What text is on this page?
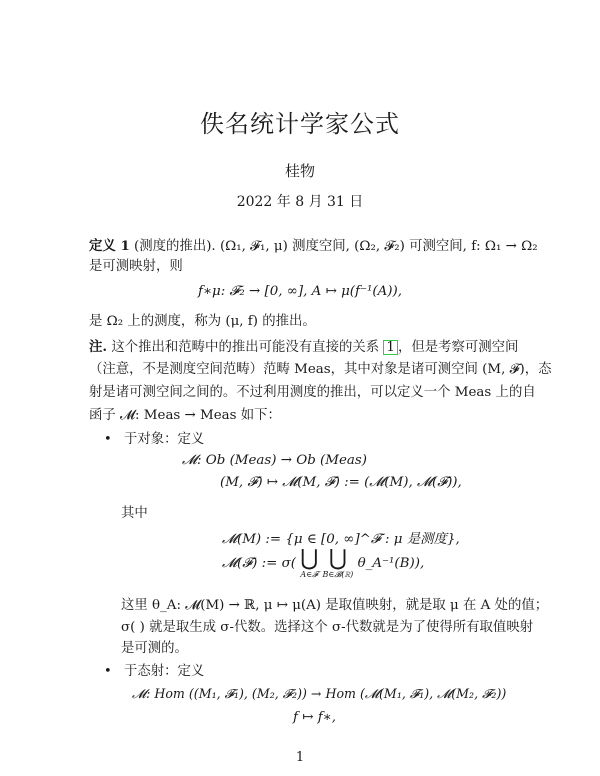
佚名统计学家公式
桂物
2022 年 8 月 31 日
定义 1 (测度的推出). (Ω₁, 𝓕₁, μ) 测度空间, (Ω₂, 𝓕₂) 可测空间, f: Ω₁ → Ω₂
是可测映射，则
f∗μ: 𝓕₂ → [0, ∞], A ↦ μ(f⁻¹(A)),
是 Ω₂ 上的测度，称为 (μ, f) 的推出。
注. 这个推出和范畴中的推出可能没有直接的关系 1 ，但是考察可测空间
（注意，不是测度空间范畴）范畴 Meas，其中对象是诸可测空间 (M, 𝓕)，态
射是诸可测空间之间的。不过利用测度的推出，可以定义一个 Meas 上的自
函子 𝓜: Meas → Meas 如下：
• 于对象：定义
𝓜: Ob (Meas) → Ob (Meas)
(M, 𝓕) ↦ 𝓜(M, 𝓕) := (𝓜(M), 𝓜(𝓕)),
其中
𝓜(M) := {μ ∈ [0, ∞]^𝓕 : μ 是测度},
𝓜(𝓕) := σ( ⋃
A∈𝓕

⋃
B∈𝓑(ℝ)
θ_A⁻¹(B)),
这里 θ_A: 𝓜(M) → ℝ, μ ↦ μ(A) 是取值映射，就是取 μ 在 A 处的值；
σ( ) 就是取生成 σ-代数。选择这个 σ-代数就是为了使得所有取值映射
是可测的。
• 于态射：定义
𝓜: Hom ((M₁, 𝓕₁), (M₂, 𝓕₂)) → Hom (𝓜(M₁, 𝓕₁), 𝓜(M₂, 𝓕₂))
f ↦ f∗,
1
